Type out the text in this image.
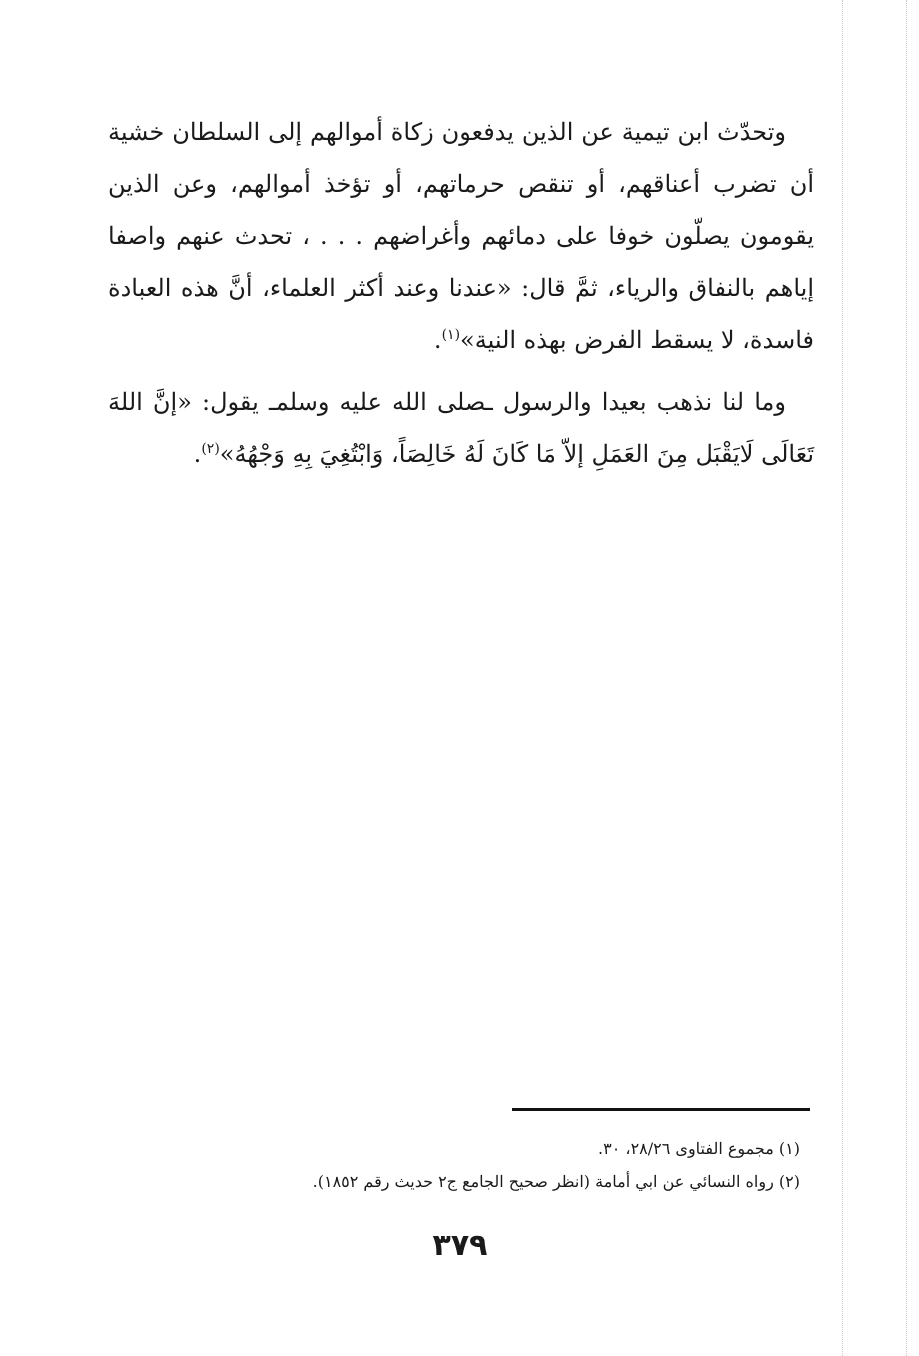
وتحدّث ابن تيمية عن الذين يدفعون زكاة أموالهم إلى السلطان خشية أن تضرب أعناقهم، أو تنقص حرماتهم، أو تؤخذ أموالهم، وعن الذين يقومون يصلّون خوفا على دمائهم وأغراضهم . . . ، تحدث عنهم واصفا إياهم بالنفاق والرياء، ثمَّ قال: «عندنا وعند أكثر العلماء، أنَّ هذه العبادة فاسدة، لا يسقط الفرض بهذه النية»$^{(١)}$.

وما لنا نذهب بعيدا والرسول ـصلى الله عليه وسلمـ يقول: «إنَّ اللهَ تَعَالَى لَايَقْبَل مِنَ العَمَلِ إلاّ مَا كَانَ لَهُ خَالِصَاً، وَابْتُغِيَ بِهِ وَجْهُهُ»$^{(٢)}$.

(١) مجموع الفتاوى ٢٨/٢٦، ٣٠.
(٢) رواه النسائي عن ابي أمامة (انظر صحيح الجامع ج٢ حديث رقم ١٨٥٢).
٣٧٩
